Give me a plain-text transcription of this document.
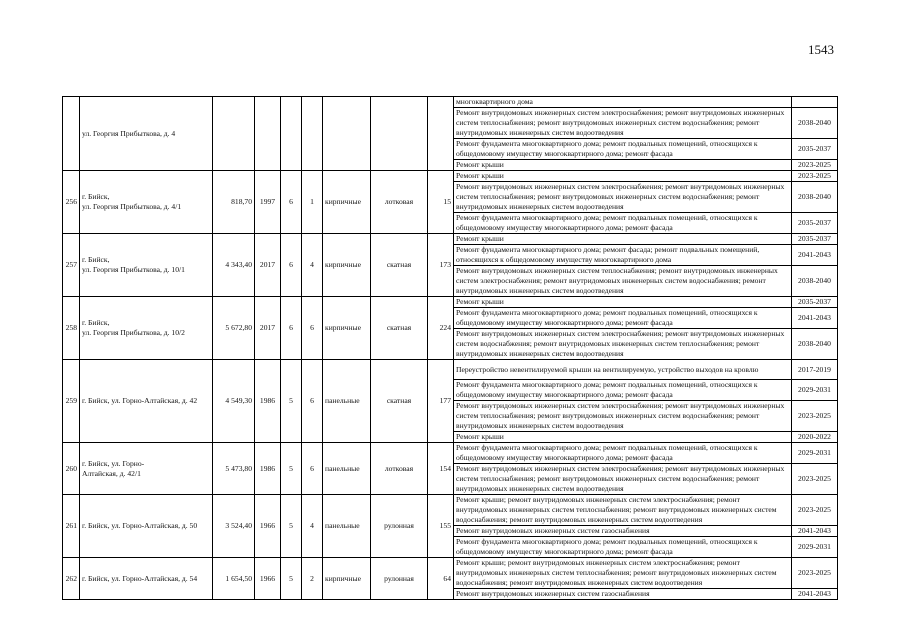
1543
	ул. Георгия Прибыткова, д. 4								многоквартирного дома	
									Ремонт внутридомовых инженерных систем электроснабжения; ремонт внутридомовых инженерных систем теплоснабжения; ремонт внутридомовых инженерных систем водоснабжения; ремонт внутридомовых инженерных систем водоотведения	2038-2040
									Ремонт фундамента многоквартирного дома; ремонт подвальных помещений, относящихся к общедомовому имуществу многоквартирного дома; ремонт фасада	2035-2037
									Ремонт крыши	2023-2025
256	г. Бийск,
ул. Георгия Прибыткова, д. 4/1	818,70	1997	6	1	кирпичные	лотковая	15	Ремонт крыши	2023-2025
									Ремонт внутридомовых инженерных систем электроснабжения; ремонт внутридомовых инженерных систем теплоснабжения; ремонт внутридомовых инженерных систем водоснабжения; ремонт внутридомовых инженерных систем водоотведения	2038-2040
									Ремонт фундамента многоквартирного дома; ремонт подвальных помещений, относящихся к общедомовому имуществу многоквартирного дома; ремонт фасада	2035-2037
257	г. Бийск,
ул. Георгия Прибыткова, д. 10/1	4 343,40	2017	6	4	кирпичные	скатная	173	Ремонт крыши	2035-2037
									Ремонт фундамента многоквартирного дома; ремонт фасада; ремонт подвальных помещений, относящихся к общедомовому имуществу многоквартирного дома	2041-2043
									Ремонт внутридомовых инженерных систем теплоснабжения; ремонт внутридомовых инженерных систем электроснабжения; ремонт внутридомовых инженерных систем водоснабжения; ремонт внутридомовых инженерных систем водоотведения	2038-2040
258	г. Бийск,
ул. Георгия Прибыткова, д. 10/2	5 672,80	2017	6	6	кирпичные	скатная	224	Ремонт крыши	2035-2037
									Ремонт фундамента многоквартирного дома; ремонт подвальных помещений, относящихся к общедомовому имуществу многоквартирного дома; ремонт фасада	2041-2043
									Ремонт внутридомовых инженерных систем электроснабжения; ремонт внутридомовых инженерных систем водоснабжения; ремонт внутридомовых инженерных систем теплоснабжения; ремонт внутридомовых инженерных систем водоотведения	2038-2040
259	г. Бийск, ул. Горно-Алтайская, д. 42	4 549,30	1986	5	6	панельные	скатная	177	Переустройство невентилируемой крыши на вентилируемую, устройство выходов на кровлю	2017-2019
									Ремонт фундамента многоквартирного дома; ремонт подвальных помещений, относящихся к общедомовому имуществу многоквартирного дома; ремонт фасада	2029-2031
									Ремонт внутридомовых инженерных систем электроснабжения; ремонт внутридомовых инженерных систем теплоснабжения; ремонт внутридомовых инженерных систем водоснабжения; ремонт внутридомовых инженерных систем водоотведения	2023-2025
									Ремонт крыши	2020-2022
260	г. Бийск, ул. Горно-
Алтайская, д. 42/1	5 473,80	1986	5	6	панельные	лотковая	154	Ремонт фундамента многоквартирного дома; ремонт подвальных помещений, относящихся к общедомовому имуществу многоквартирного дома; ремонт фасада	2029-2031
									Ремонт внутридомовых инженерных систем электроснабжения; ремонт внутридомовых инженерных систем теплоснабжения; ремонт внутридомовых инженерных систем водоснабжения; ремонт внутридомовых инженерных систем водоотведения	2023-2025
261	г. Бийск, ул. Горно-Алтайская, д. 50	3 524,40	1966	5	4	панельные	рулонная	155	Ремонт крыши; ремонт внутридомовых инженерных систем электроснабжения; ремонт внутридомовых инженерных систем теплоснабжения; ремонт внутридомовых инженерных систем водоснабжения; ремонт внутридомовых инженерных систем водоотведения	2023-2025
									Ремонт внутридомовых инженерных систем газоснабжения	2041-2043
									Ремонт фундамента многоквартирного дома; ремонт подвальных помещений, относящихся к общедомовому имуществу многоквартирного дома; ремонт фасада	2029-2031
262	г. Бийск, ул. Горно-Алтайская, д. 54	1 654,50	1966	5	2	кирпичные	рулонная	64	Ремонт крыши; ремонт внутридомовых инженерных систем электроснабжения; ремонт внутридомовых инженерных систем теплоснабжения; ремонт внутридомовых инженерных систем водоснабжения; ремонт внутридомовых инженерных систем водоотведения	2023-2025
									Ремонт внутридомовых инженерных систем газоснабжения	2041-2043
